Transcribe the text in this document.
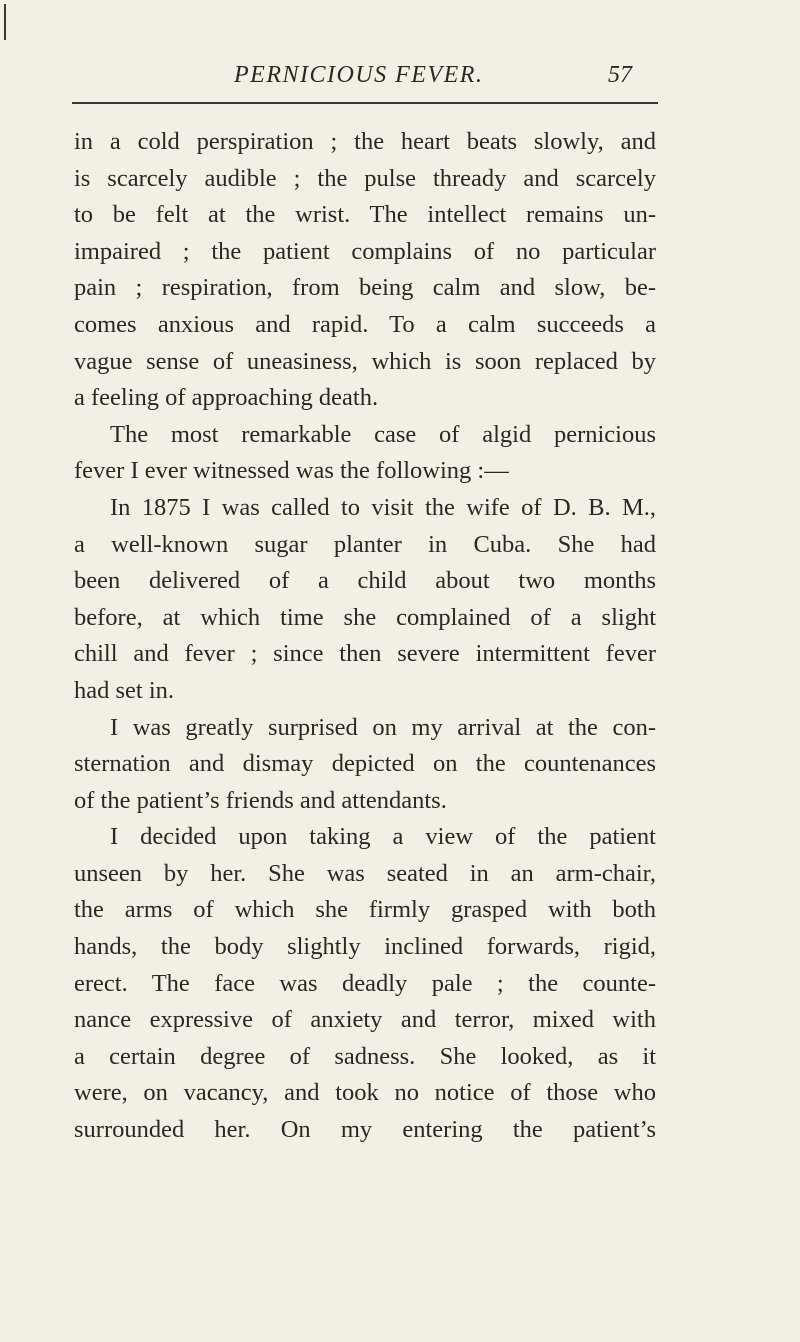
PERNICIOUS FEVER.	57
in a cold perspiration ; the heart beats slowly, and
is scarcely audible ; the pulse thready and scarcely
to be felt at the wrist. The intellect remains un-
impaired ; the patient complains of no particular
pain ; respiration, from being calm and slow, be-
comes anxious and rapid. To a calm succeeds a
vague sense of uneasiness, which is soon replaced by
a feeling of approaching death.
The most remarkable case of algid pernicious
fever I ever witnessed was the following :—
In 1875 I was called to visit the wife of D. B. M.,
a well-known sugar planter in Cuba. She had
been delivered of a child about two months
before, at which time she complained of a slight
chill and fever ; since then severe intermittent fever
had set in.
I was greatly surprised on my arrival at the con-
sternation and dismay depicted on the countenances
of the patient’s friends and attendants.
I decided upon taking a view of the patient
unseen by her. She was seated in an arm-chair,
the arms of which she firmly grasped with both
hands, the body slightly inclined forwards, rigid,
erect. The face was deadly pale ; the counte-
nance expressive of anxiety and terror, mixed with
a certain degree of sadness. She looked, as it
were, on vacancy, and took no notice of those who
surrounded her. On my entering the patient’s
